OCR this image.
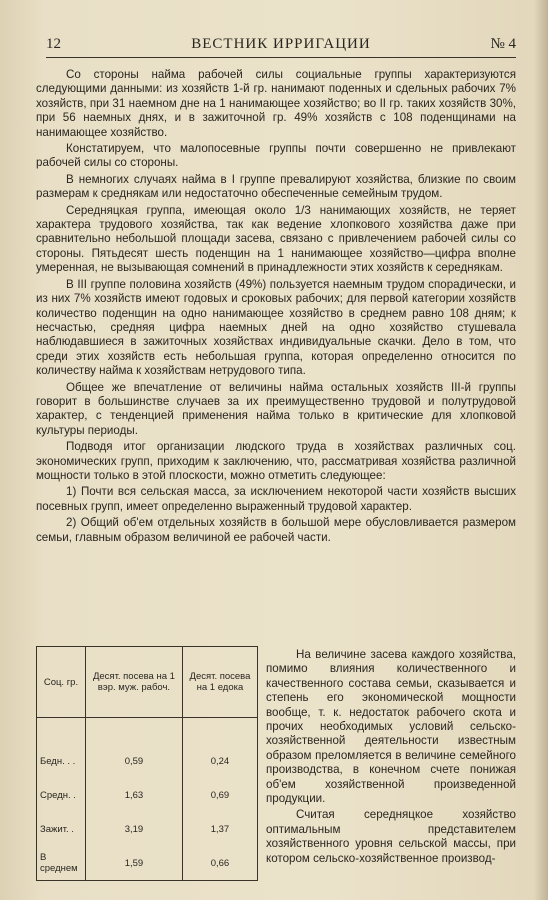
12	ВЕСТНИК ИРРИГАЦИИ	№ 4

Со стороны найма рабочей силы социальные группы характеризуются следующими данными: из хозяйств 1-й гр. нанимают поденных и сдельных рабочих 7% хозяйств, при 31 наемном дне на 1 нанимающее хозяйство; во II гр. таких хозяйств 30%, при 56 наемных днях, и в зажиточной гр. 49% хозяйств с 108 поденщинами на нанимающее хозяйство.

Констатируем, что малопосевные группы почти совершенно не привлекают рабочей силы со стороны.

В немногих случаях найма в I группе превалируют хозяйства, близкие по своим размерам к среднякам или недостаточно обеспеченные семейным трудом.

Середняцкая группа, имеющая около 1/3 нанимающих хозяйств, не теряет характера трудового хозяйства, так как ведение хлопкового хозяйства даже при сравнительно небольшой площади засева, связано с привлечением рабочей силы со стороны. Пятьдесят шесть поденщин на 1 нанимающее хозяйство—цифра вполне умеренная, не вызывающая сомнений в принадлежности этих хозяйств к середнякам.

В III группе половина хозяйств (49%) пользуется наемным трудом спорадически, и из них 7% хозяйств имеют годовых и сроковых рабочих; для первой категории хозяйств количество поденщин на одно нанимающее хозяйство в среднем равно 108 дням; к несчастью, средняя цифра наемных дней на одно хозяйство стушевала наблюдавшиеся в зажиточных хозяйствах индивидуальные скачки. Дело в том, что среди этих хозяйств есть небольшая группа, которая определенно относится по количеству найма к хозяйствам нетрудового типа.

Общее же впечатление от величины найма остальных хозяйств III-й группы говорит в большинстве случаев за их преимущественно трудовой и полутрудовой характер, с тенденцией применения найма только в критические для хлопковой культуры периоды.

Подводя итог организации людского труда в хозяйствах различных соц. экономических групп, приходим к заключению, что, рассматривая хозяйства различной мощности только в этой плоскости, можно отметить следующее:

1) Почти вся сельская масса, за исключением некоторой части хозяйств высших посевных групп, имеет определенно выраженный трудовой характер.

2) Общий об'ем отдельных хозяйств в большой мере обусловливается размером семьи, главным образом величиной ее рабочей части.

Соц. гр.	Десят. посева на 1 вэр. муж. рабоч.	Десят. посева на 1 едока

Бедн. . .	0,59	0,24
Средн. .	1,63	0,69
Зажит. .	3,19	1,37
В среднем	1,59	0,66

На величине засева каждого хозяйства, помимо влияния количественного и качественного состава семьи, сказывается и степень его экономической мощности вообще, т. к. недостаток рабочего скота и прочих необходимых условий сельско-хозяйственной деятельности известным образом преломляется в величине семейного производства, в конечном счете понижая об'ем хозяйственной произведенной продукции.

Считая середняцкое хозяйство оптимальным представителем хозяйственного уровня сельской массы, при котором сельско-хозяйственное производ-
